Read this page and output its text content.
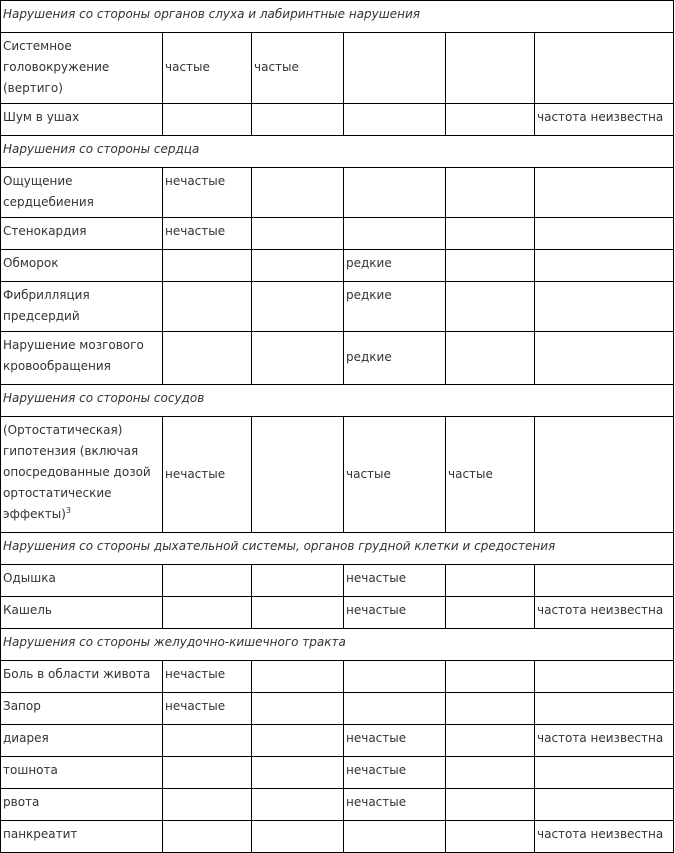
Нарушения со стороны органов слуха и лабиринтные нарушения					
Системное головокружение (вертиго)	частые	частые			
Шум в ушах					частота неизвестна
Нарушения со стороны сердца					
Ощущение сердцебиения	нечастые				
Стенокардия	нечастые				
Обморок			редкие		
Фибрилляция предсердий			редкие		
Нарушение мозгового кровообращения			редкие		
Нарушения со стороны сосудов					
(Ортостатическая) гипотензия (включая опосредованные дозой ортостатические эффекты)$^3$	нечастые		частые	частые	
Нарушения со стороны дыхательной системы, органов грудной клетки и средостения					
Одышка			нечастые		
Кашель			нечастые		частота неизвестна
Нарушения со стороны желудочно-кишечного тракта					
Боль в области живота	нечастые				
Запор	нечастые				
диарея			нечастые		частота неизвестна
тошнота			нечастые		
рвота			нечастые		
панкреатит					частота неизвестна
